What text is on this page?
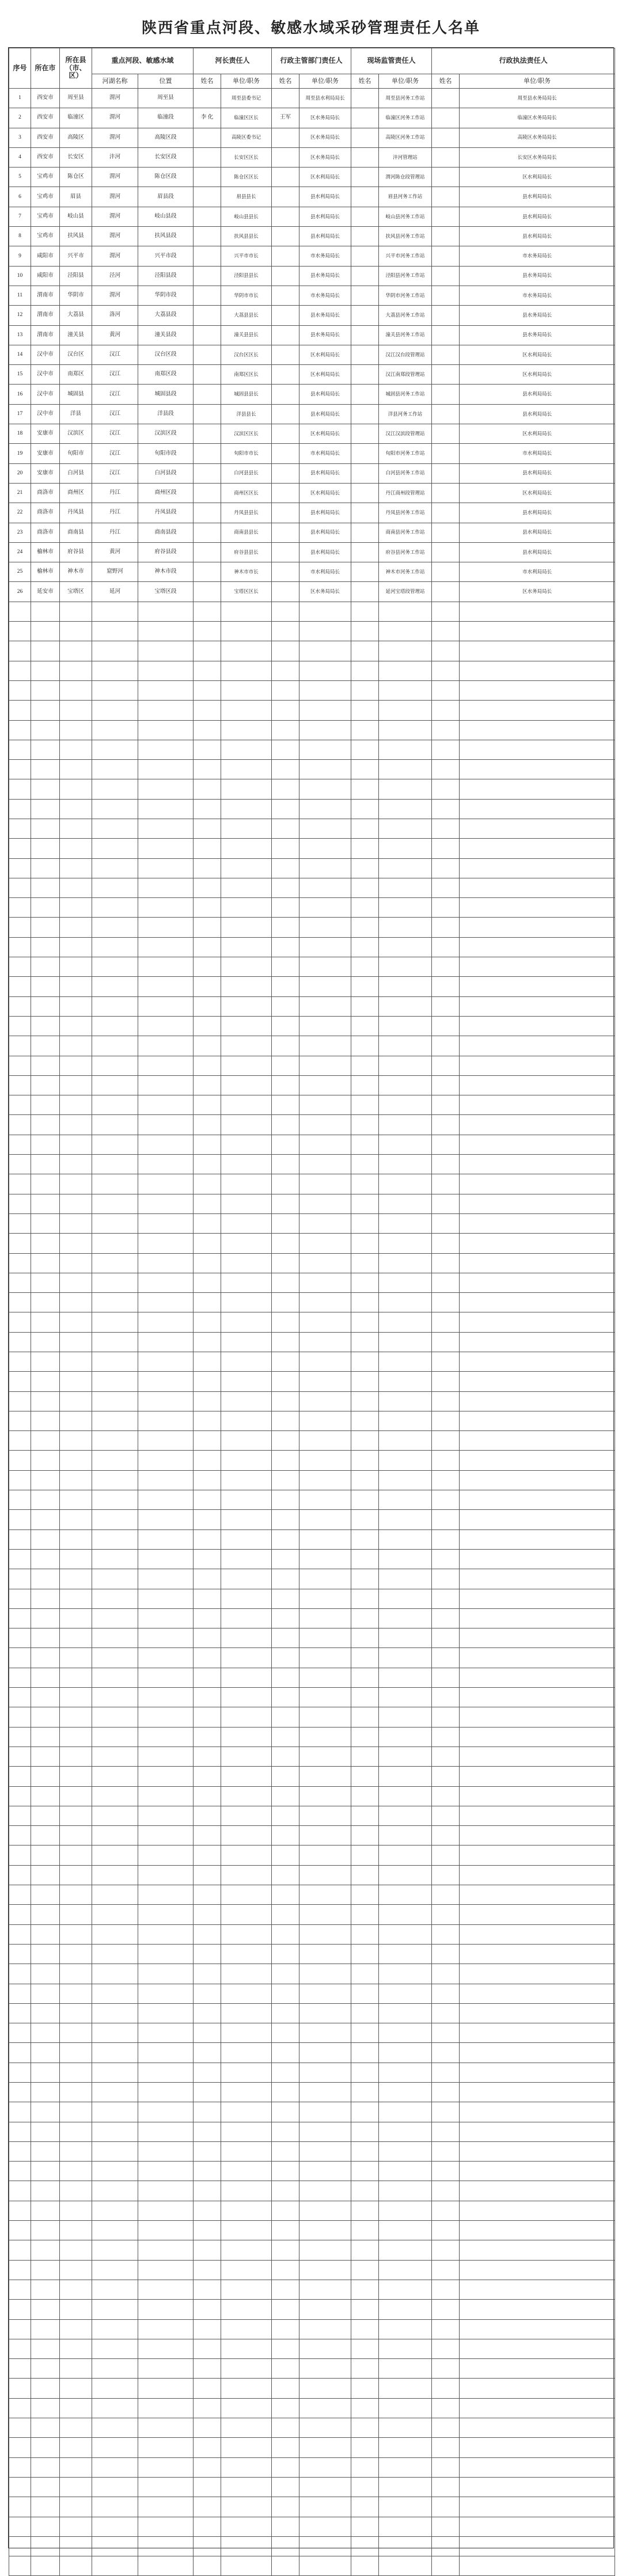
陕西省重点河段、敏感水域采砂管理责任人名单
序号	所在市	所在县（市、区）	重点河段、敏感水域		河长责任人		行政主管部门责任人		现场监管责任人		行政执法责任人	
			河湖名称	位置	姓名	单位/职务	姓名	单位/职务	姓名	单位/职务	姓名	单位/职务
1	西安市	周至县	渭河	周至县		周至县委书记		周至县水利局局长		周至县河务工作站		周至县水务局局长
2	西安市	临潼区	渭河	临潼段	李 化	临潼区区长	王军	区水务局局长		临潼区河务工作站		临潼区水务局局长
3	西安市	高陵区	渭河	高陵区段		高陵区委书记		区水务局局长		高陵区河务工作站		高陵区水务局局长
4	西安市	长安区	沣河	长安区段		长安区区长		区水务局局长		沣河管理站		长安区水务局局长
5	宝鸡市	陈仓区	渭河	陈仓区段		陈仓区区长		区水利局局长		渭河陈仓段管理站		区水利局局长
6	宝鸡市	眉县	渭河	眉县段		眉县县长		县水利局局长		眉县河务工作站		县水利局局长
7	宝鸡市	岐山县	渭河	岐山县段		岐山县县长		县水利局局长		岐山县河务工作站		县水利局局长
8	宝鸡市	扶风县	渭河	扶风县段		扶风县县长		县水利局局长		扶风县河务工作站		县水利局局长
9	咸阳市	兴平市	渭河	兴平市段		兴平市市长		市水务局局长		兴平市河务工作站		市水务局局长
10	咸阳市	泾阳县	泾河	泾阳县段		泾阳县县长		县水务局局长		泾阳县河务工作站		县水务局局长
11	渭南市	华阴市	渭河	华阴市段		华阴市市长		市水务局局长		华阴市河务工作站		市水务局局长
12	渭南市	大荔县	洛河	大荔县段		大荔县县长		县水务局局长		大荔县河务工作站		县水务局局长
13	渭南市	潼关县	黄河	潼关县段		潼关县县长		县水务局局长		潼关县河务工作站		县水务局局长
14	汉中市	汉台区	汉江	汉台区段		汉台区区长		区水利局局长		汉江汉台段管理站		区水利局局长
15	汉中市	南郑区	汉江	南郑区段		南郑区区长		区水利局局长		汉江南郑段管理站		区水利局局长
16	汉中市	城固县	汉江	城固县段		城固县县长		县水利局局长		城固县河务工作站		县水利局局长
17	汉中市	洋县	汉江	洋县段		洋县县长		县水利局局长		洋县河务工作站		县水利局局长
18	安康市	汉滨区	汉江	汉滨区段		汉滨区区长		区水利局局长		汉江汉滨段管理站		区水利局局长
19	安康市	旬阳市	汉江	旬阳市段		旬阳市市长		市水利局局长		旬阳市河务工作站		市水利局局长
20	安康市	白河县	汉江	白河县段		白河县县长		县水利局局长		白河县河务工作站		县水利局局长
21	商洛市	商州区	丹江	商州区段		商州区区长		区水利局局长		丹江商州段管理站		区水利局局长
22	商洛市	丹凤县	丹江	丹凤县段		丹凤县县长		县水利局局长		丹凤县河务工作站		县水利局局长
23	商洛市	商南县	丹江	商南县段		商南县县长		县水利局局长		商南县河务工作站		县水利局局长
24	榆林市	府谷县	黄河	府谷县段		府谷县县长		县水利局局长		府谷县河务工作站		县水利局局长
25	榆林市	神木市	窟野河	神木市段		神木市市长		市水利局局长		神木市河务工作站		市水利局局长
26	延安市	宝塔区	延河	宝塔区段		宝塔区区长		区水务局局长		延河宝塔段管理站		区水务局局长
